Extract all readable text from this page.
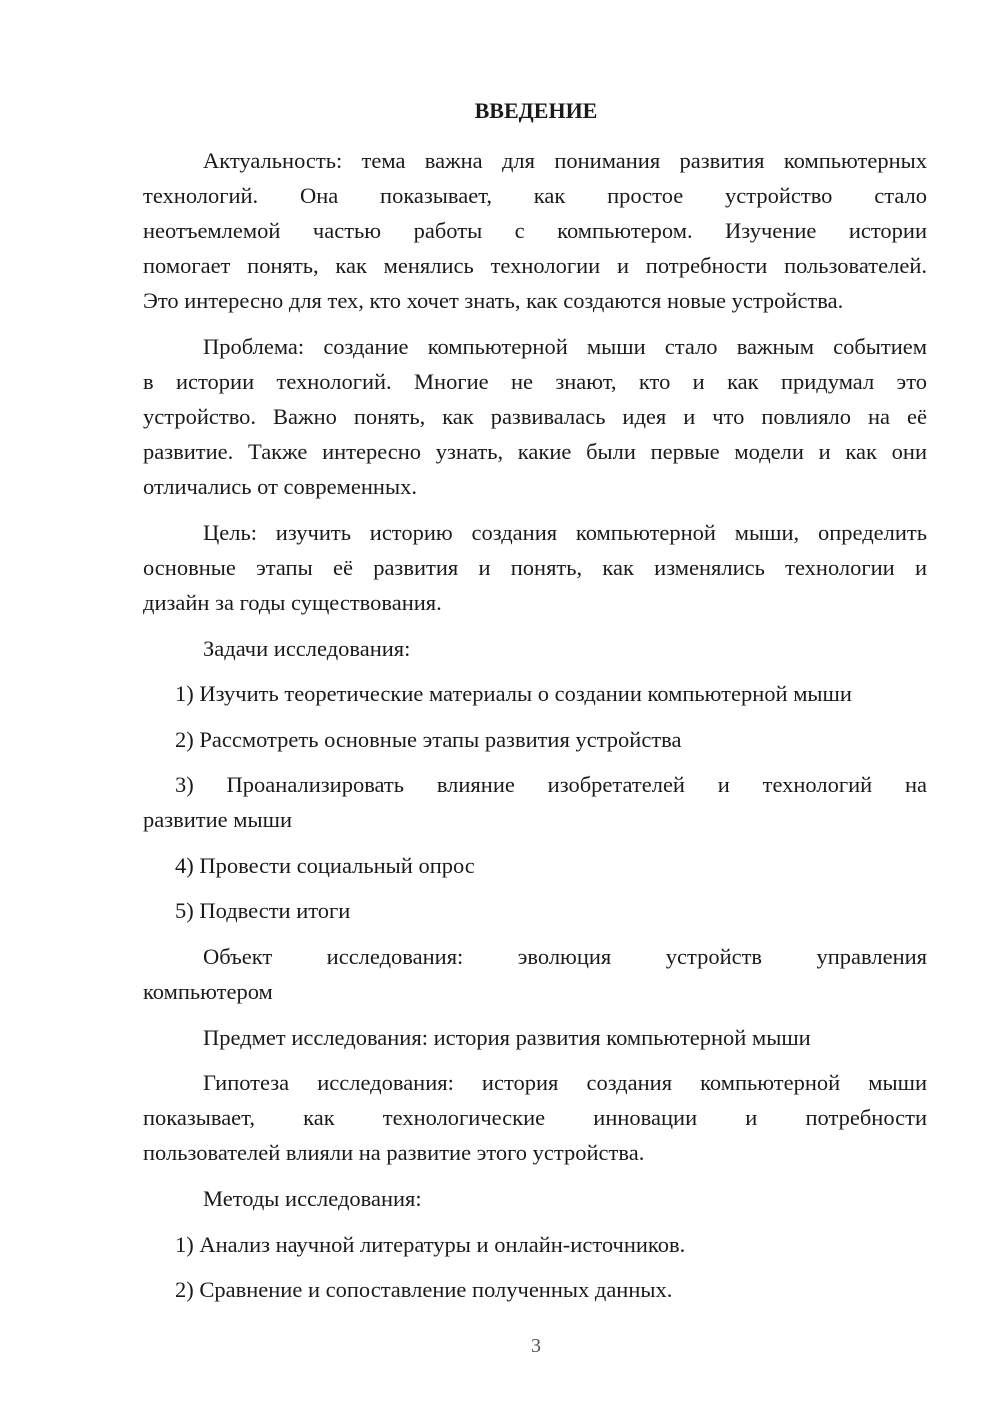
ВВЕДЕНИЕ
Актуальность: тема важна для понимания развития компьютерных
технологий. Она показывает, как простое устройство стало
неотъемлемой частью работы с компьютером. Изучение истории
помогает понять, как менялись технологии и потребности пользователей.
Это интересно для тех, кто хочет знать, как создаются новые устройства.
Проблема: создание компьютерной мыши стало важным событием
в истории технологий. Многие не знают, кто и как придумал это
устройство. Важно понять, как развивалась идея и что повлияло на её
развитие. Также интересно узнать, какие были первые модели и как они
отличались от современных.
Цель: изучить историю создания компьютерной мыши, определить
основные этапы её развития и понять, как изменялись технологии и
дизайн за годы существования.
Задачи исследования:
1) Изучить теоретические материалы о создании компьютерной мыши
2) Рассмотреть основные этапы развития устройства
3) Проанализировать влияние изобретателей и технологий на
развитие мыши
4) Провести социальный опрос
5) Подвести итоги
Объект исследования: эволюция устройств управления
компьютером
Предмет исследования: история развития компьютерной мыши
Гипотеза исследования: история создания компьютерной мыши
показывает, как технологические инновации и потребности
пользователей влияли на развитие этого устройства.
Методы исследования:
1) Анализ научной литературы и онлайн-источников.
2) Сравнение и сопоставление полученных данных.
3
